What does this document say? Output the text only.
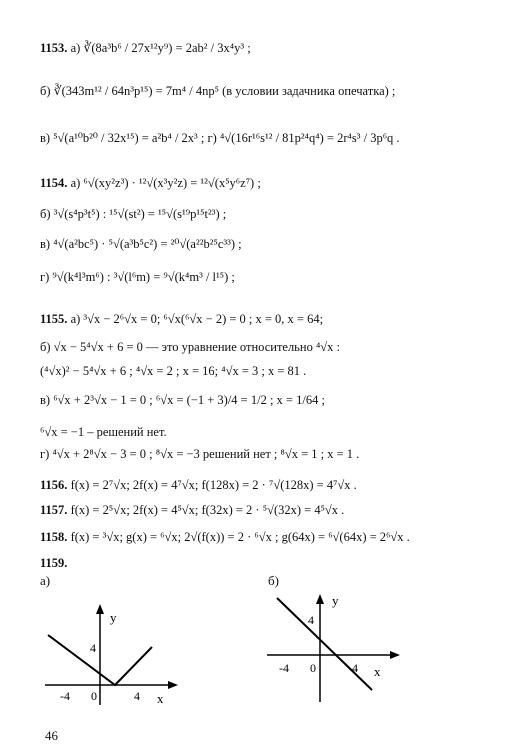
1153. а) ∛(8a³b⁶ / 27x¹²y⁹) = 2ab² / 3x⁴y³ ;
б) ∛(343m¹² / 64n³p¹⁵) = 7m⁴ / 4np⁵ (в условии задачника опечатка) ;
в) ⁵√(a¹⁰b²⁰ / 32x¹⁵) = a²b⁴ / 2x³ ; г) ⁴√(16r¹⁶s¹² / 81p²⁴q⁴) = 2r⁴s³ / 3p⁶q .
1154. а) ⁶√(xy²z³) · ¹²√(x³y²z) = ¹²√(x⁵y⁶z⁷) ;
б) ³√(s⁴p³t⁵) : ¹⁵√(st²) = ¹⁵√(s¹⁹p¹⁵t²³) ;
в) ⁴√(a²bc⁵) · ⁵√(a³b⁵c²) = ²⁰√(a²²b²⁵c³³) ;
г) ⁹√(k⁴l³m⁶) : ³√(l⁶m) = ⁹√(k⁴m³ / l¹⁵) ;
1155. а) ³√x − 2⁶√x = 0; ⁶√x(⁶√x − 2) = 0 ; x = 0, x = 64;
б) √x − 5⁴√x + 6 = 0 — это уравнение относительно ⁴√x :
(⁴√x)² − 5⁴√x + 6 ; ⁴√x = 2 ; x = 16; ⁴√x = 3 ; x = 81 .
в) ⁶√x + 2³√x − 1 = 0 ; ⁶√x = (−1 + 3)/4 = 1/2 ; x = 1/64 ;
⁶√x = −1 – решений нет.
г) ⁴√x + 2⁸√x − 3 = 0 ; ⁸√x = −3 решений нет ; ⁸√x = 1 ; x = 1 .
1156. f(x) = 2⁷√x; 2f(x) = 4⁷√x; f(128x) = 2 · ⁷√(128x) = 4⁷√x .
1157. f(x) = 2⁵√x; 2f(x) = 4⁵√x; f(32x) = 2 · ⁵√(32x) = 4⁵√x .
1158. f(x) = ³√x; g(x) = ⁶√x; 2√(f(x)) = 2 · ⁶√x ; g(64x) = ⁶√(64x) = 2⁶√x .
1159.
а)	б)
y
x
4
-4 0	4
y
x
4
-4 0	4
46
